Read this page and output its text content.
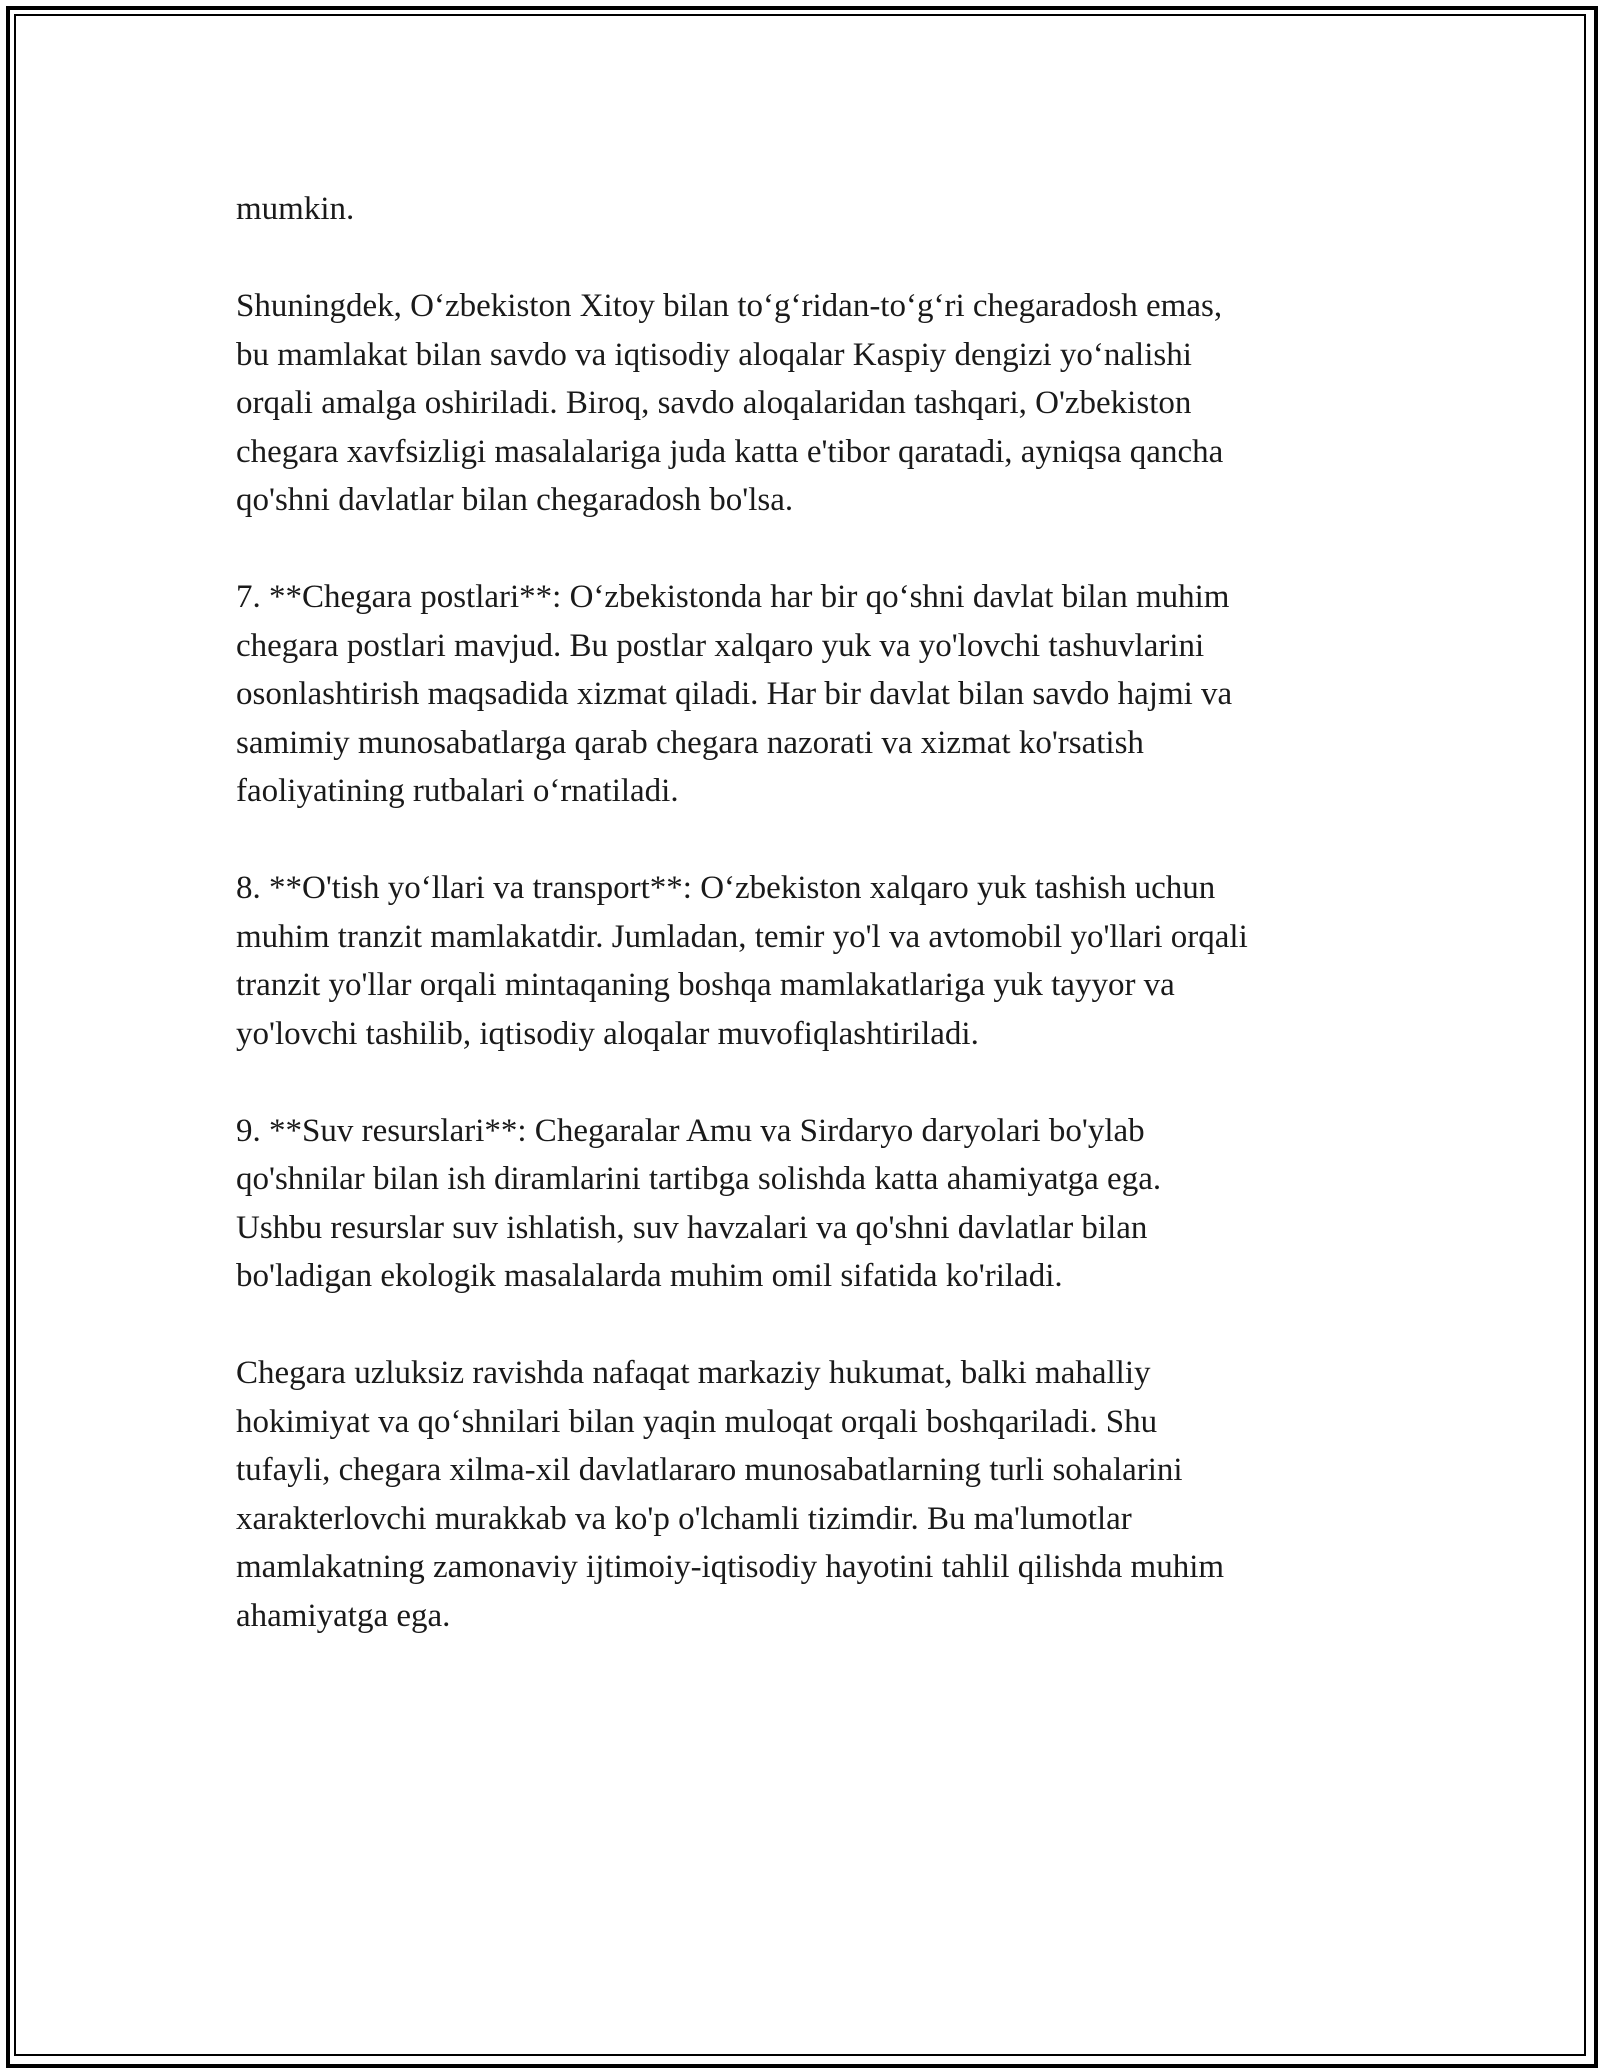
mumkin.

Shuningdek, O‘zbekiston Xitoy bilan to‘g‘ridan-to‘g‘ri chegaradosh emas,
bu mamlakat bilan savdo va iqtisodiy aloqalar Kaspiy dengizi yo‘nalishi
orqali amalga oshiriladi. Biroq, savdo aloqalaridan tashqari, O'zbekiston
chegara xavfsizligi masalalariga juda katta e'tibor qaratadi, ayniqsa qancha
qo'shni davlatlar bilan chegaradosh bo'lsa.

7. **Chegara postlari**: O‘zbekistonda har bir qo‘shni davlat bilan muhim
chegara postlari mavjud. Bu postlar xalqaro yuk va yo'lovchi tashuvlarini
osonlashtirish maqsadida xizmat qiladi. Har bir davlat bilan savdo hajmi va
samimiy munosabatlarga qarab chegara nazorati va xizmat ko'rsatish
faoliyatining rutbalari o‘rnatiladi.

8. **O'tish yo‘llari va transport**: O‘zbekiston xalqaro yuk tashish uchun
muhim tranzit mamlakatdir. Jumladan, temir yo'l va avtomobil yo'llari orqali
tranzit yo'llar orqali mintaqaning boshqa mamlakatlariga yuk tayyor va
yo'lovchi tashilib, iqtisodiy aloqalar muvofiqlashtiriladi.

9. **Suv resurslari**: Chegaralar Amu va Sirdaryo daryolari bo'ylab
qo'shnilar bilan ish diramlarini tartibga solishda katta ahamiyatga ega.
Ushbu resurslar suv ishlatish, suv havzalari va qo'shni davlatlar bilan
bo'ladigan ekologik masalalarda muhim omil sifatida ko'riladi.

Chegara uzluksiz ravishda nafaqat markaziy hukumat, balki mahalliy
hokimiyat va qo‘shnilari bilan yaqin muloqat orqali boshqariladi. Shu
tufayli, chegara xilma-xil davlatlararo munosabatlarning turli sohalarini
xarakterlovchi murakkab va ko'p o'lchamli tizimdir. Bu ma'lumotlar
mamlakatning zamonaviy ijtimoiy-iqtisodiy hayotini tahlil qilishda muhim
ahamiyatga ega.
